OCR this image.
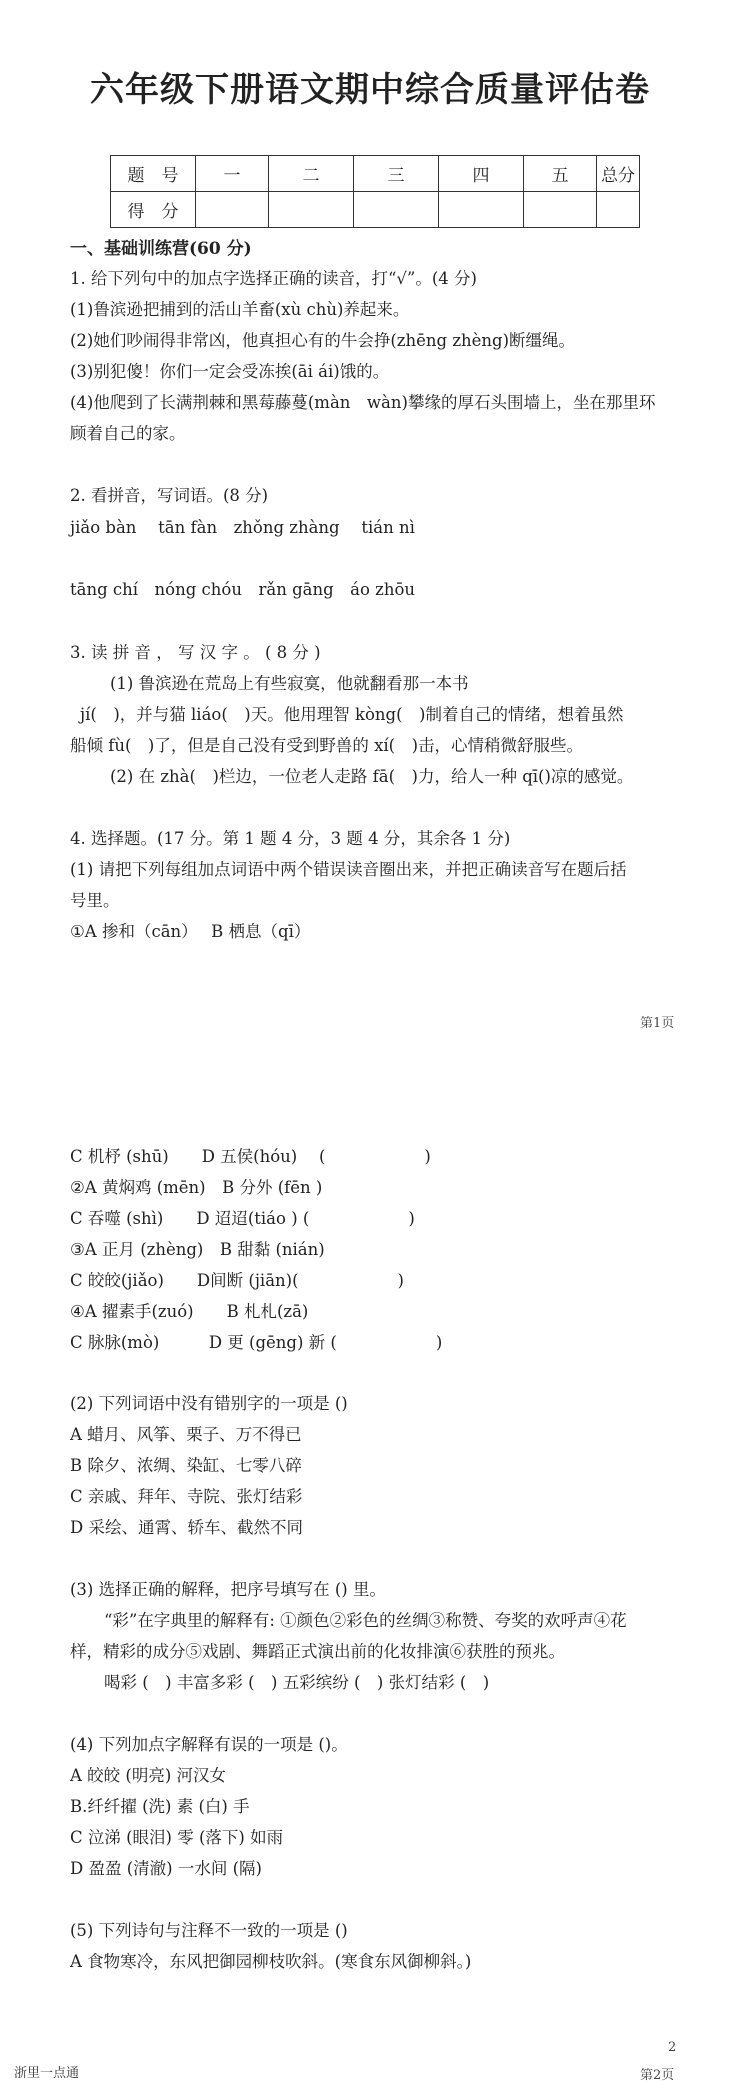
六年级下册语文期中综合质量评估卷
题　号	一	二	三	四	五	总分
得　分						
一、基础训练营(60 分)
1. 给下列句中的加点字选择正确的读音，打“√”。(4 分)
(1)鲁滨逊把捕到的活山羊畜(xù chù)养起来。
(2)她们吵闹得非常凶，他真担心有的牛会挣(zhēng zhèng)断缰绳。
(3)别犯傻！你们一定会受冻挨(āi ái)饿的。
(4)他爬到了长满荆棘和黑莓藤蔓(màn　wàn)攀缘的厚石头围墙上，坐在那里环
顾着自己的家。
2. 看拼音，写词语。(8 分)
jiǎo bàn　 tān fàn　zhǒng zhàng　 tián nì
tāng chí　nóng chóu　rǎn gāng　áo zhōu
3. 读 拼 音 ， 写 汉 字 。 ( 8 分 )
(1) 鲁滨逊在荒岛上有些寂寞，他就翻看那一本书
jí(　)，并与猫 liáo(　)天。他用理智 kòng(　)制着自己的情绪，想着虽然
船倾 fù(　)了，但是自己没有受到野兽的 xí(　)击，心情稍微舒服些。
(2) 在 zhà(　)栏边，一位老人走路 fā(　)力，给人一种 qī()凉的感觉。
4. 选择题。(17 分。第 1 题 4 分，3 题 4 分，其余各 1 分)
(1) 请把下列每组加点词语中两个错误读音圈出来，并把正确读音写在题后括
号里。
①A 掺和（cān）　 B 栖息（qī）
第1页
C 机杼 (shū)　　D 五侯(hóu)　 (　　　　　　)
②A 黄焖鸡 (mēn)　B 分外 (fēn )
C 吞噬 (shì)　　D 迢迢(tiáo ) (　　　　　　)
③A 正月 (zhèng)　B 甜黏 (nián)
C 皎皎(jiǎo)　　D间断 (jiān)(　　　　　　)
④A 擢素手(zuó)　　B 札札(zā)
C 脉脉(mò)　　　D 更 (gēng) 新 (　　　　　　)
(2) 下列词语中没有错别字的一项是 ()
A 蜡月、风筝、栗子、万不得已
B 除夕、浓绸、染缸、七零八碎
C 亲戚、拜年、寺院、张灯结彩
D 采绘、通霄、轿车、截然不同
(3) 选择正确的解释，把序号填写在 () 里。
“彩”在字典里的解释有: ①颜色②彩色的丝绸③称赞、夸奖的欢呼声④花
样，精彩的成分⑤戏剧、舞蹈正式演出前的化妆排演⑥获胜的预兆。
喝彩 (　) 丰富多彩 (　) 五彩缤纷 (　) 张灯结彩 (　)
(4) 下列加点字解释有误的一项是 ()。
A 皎皎 (明亮) 河汉女
B.纤纤擢 (洗) 素 (白) 手
C 泣涕 (眼泪) 零 (落下) 如雨
D 盈盈 (清澈) 一水间 (隔)
(5) 下列诗句与注释不一致的一项是 ()
A 食物寒冷，东风把御园柳枝吹斜。(寒食东风御柳斜。)
2
浙里一点通	第2页
